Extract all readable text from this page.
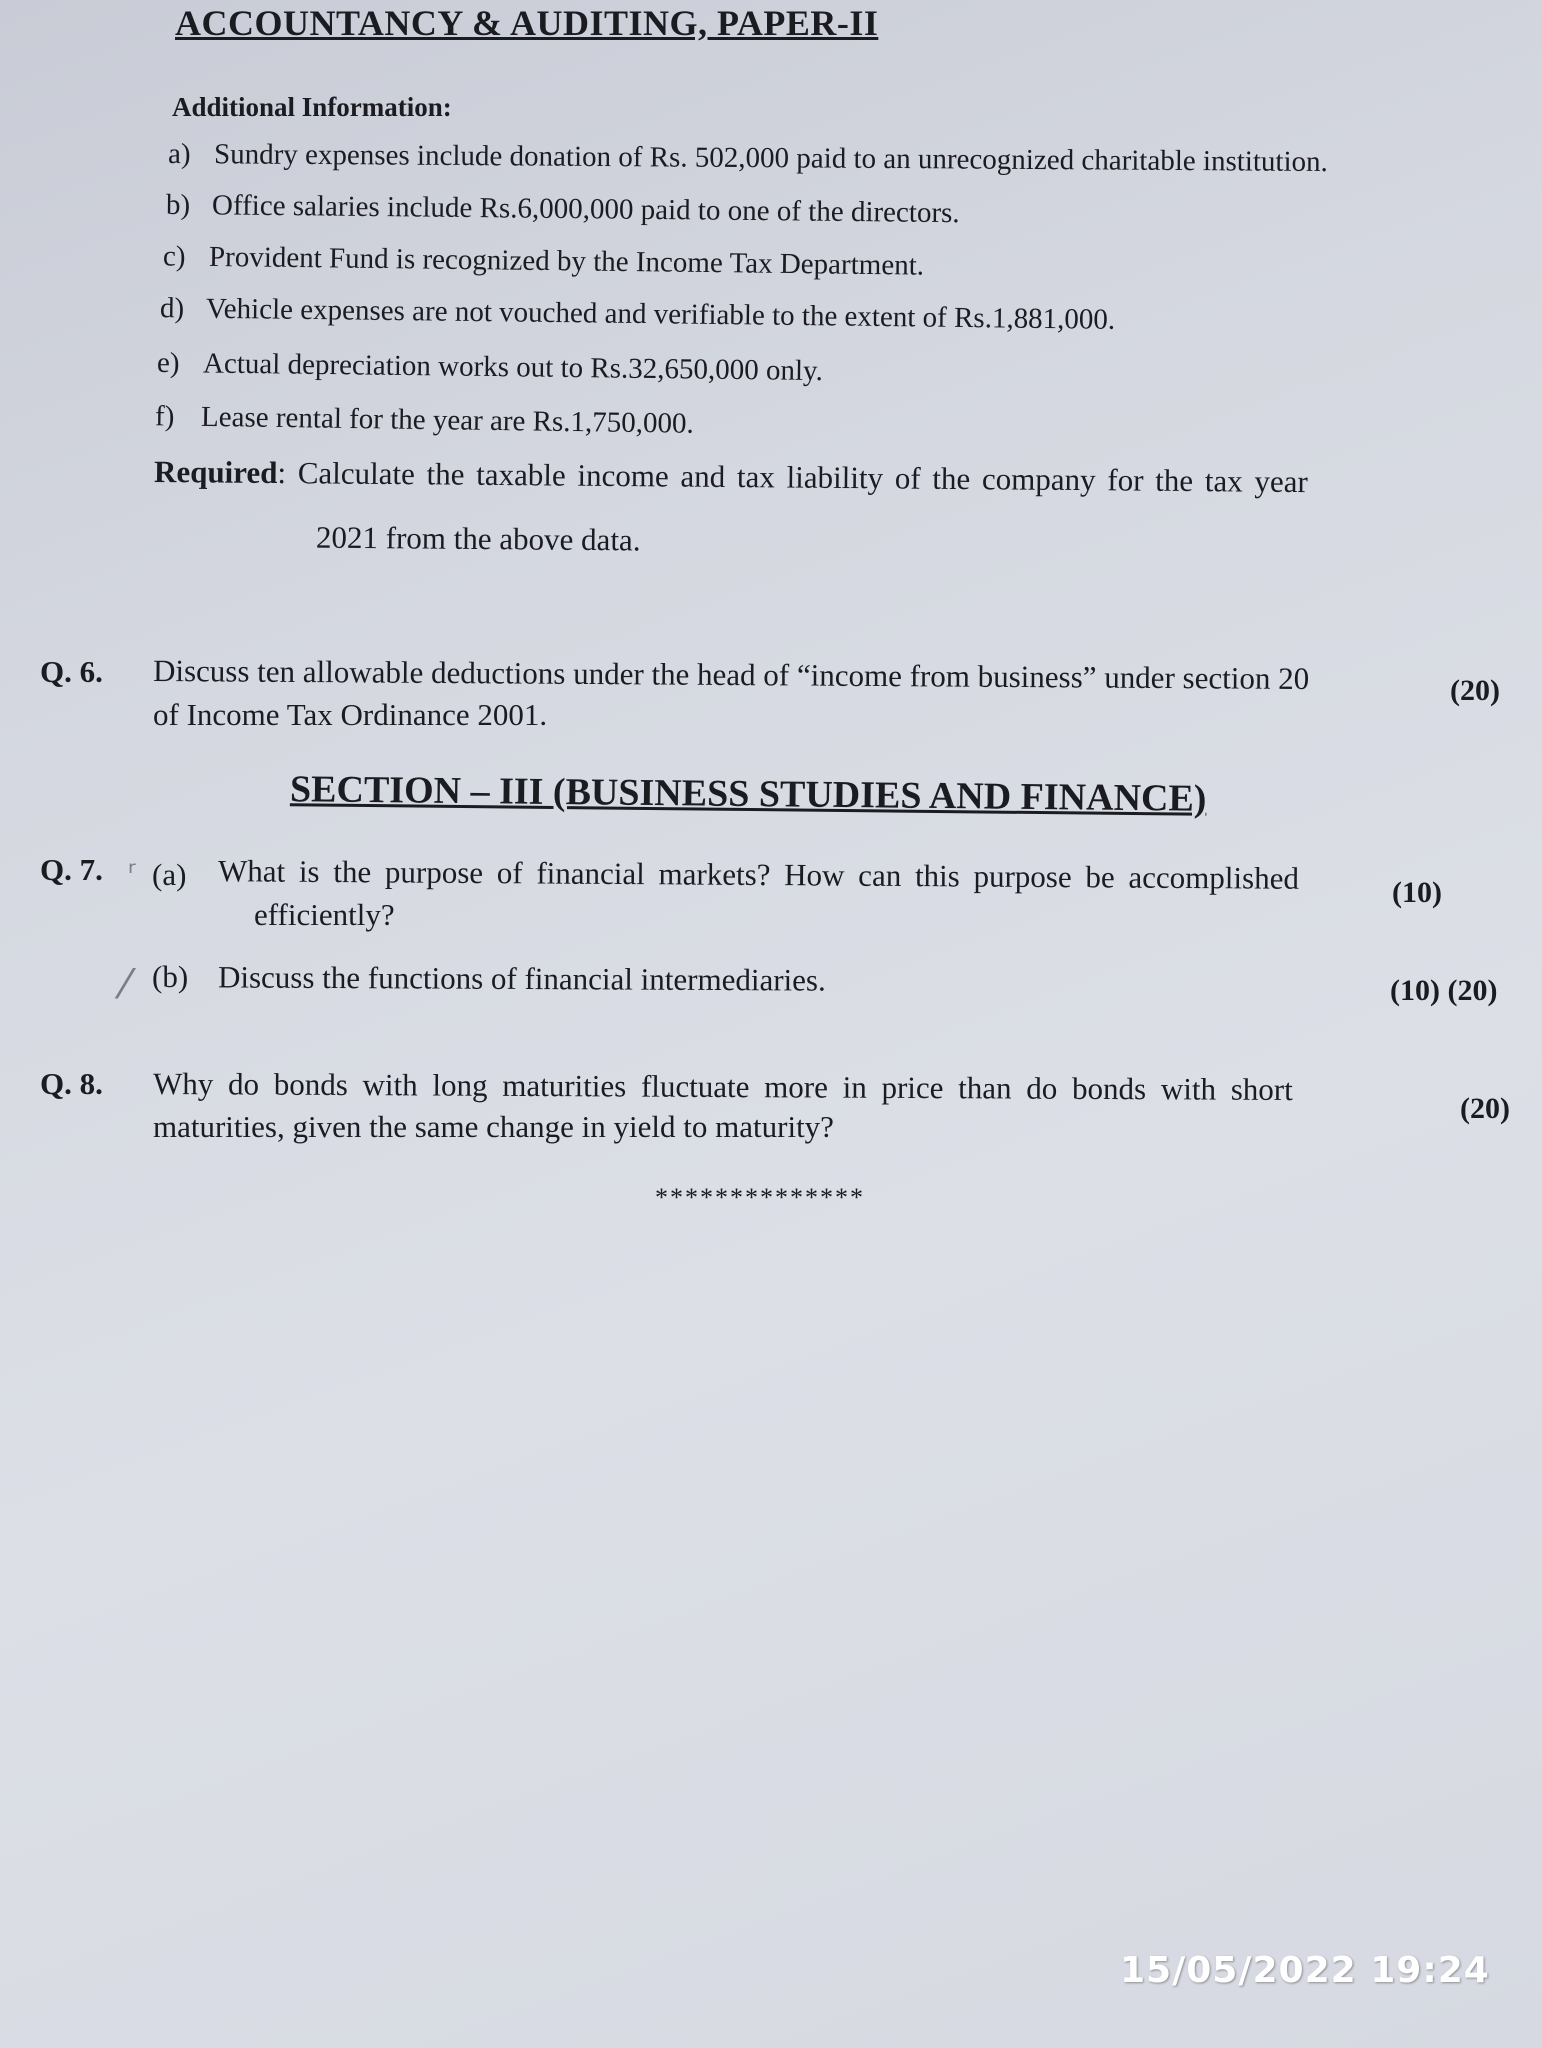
ACCOUNTANCY & AUDITING, PAPER-II
Additional Information:
a) Sundry expenses include donation of Rs. 502,000 paid to an unrecognized charitable institution.
b) Office salaries include Rs.6,000,000 paid to one of the directors.
c) Provident Fund is recognized by the Income Tax Department.
d) Vehicle expenses are not vouched and verifiable to the extent of Rs.1,881,000.
e) Actual depreciation works out to Rs.32,650,000 only.
f) Lease rental for the year are Rs.1,750,000.
Required: Calculate the taxable income and tax liability of the company for the tax year
2021 from the above data.
Q. 6. Discuss ten allowable deductions under the head of “income from business” under section 20
of Income Tax Ordinance 2001.
(20)
SECTION – III (BUSINESS STUDIES AND FINANCE)
Q. 7. ʳ (a) What is the purpose of financial markets? How can this purpose be accomplished
efficiently?
(10)
⁄ (b) Discuss the functions of financial intermediaries.	(10) (20)
Q. 8. Why do bonds with long maturities fluctuate more in price than do bonds with short
maturities, given the same change in yield to maturity?
(20)
**************
15/05/2022 19:24
